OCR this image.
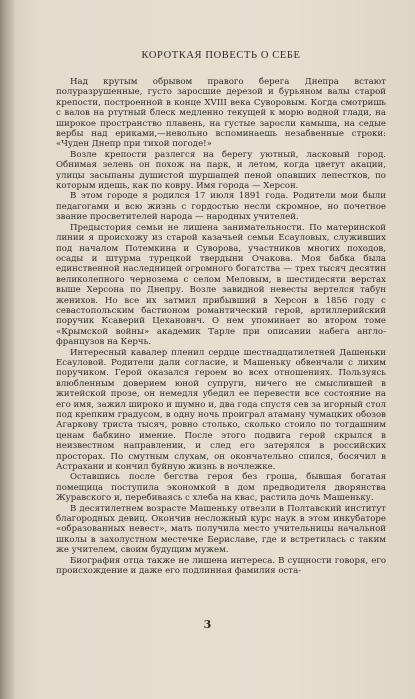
КОРОТКАЯ ПОВЕСТЬ О СЕБЕ

Над крутым обрывом правого берега Днепра встают полуразрушенные, густо заросшие дерезой и бурьяном валы старой крепости, построенной в конце XVIII века Суворовым. Когда смотришь с валов на ртутный блеск медленно текущей к морю водной глади, на широкое пространство плавень, на густые заросли камыша, на седые вербы над ериками,—невольно вспоминаешь незабвенные строки: «Чуден Днепр при тихой погоде!»

Возле крепости разлегся на берегу уютный, ласковый город. Обнимая зелень он похож на парк, и летом, когда цветут акации, улицы засыпаны душистой шуршащей пеной опавших лепестков, по которым идешь, как по ковру. Имя города — Херсон.

В этом городе я родился 17 июля 1891 года. Родители мои были педагогами и всю жизнь с гордостью несли скромное, но почетное звание просветителей народа — народных учителей.

Предыстория семьи не лишена занимательности. По материнской линии я происхожу из старой казачьей семьи Есауловых, служивших под началом Потемкина и Суворова, участников многих походов, осады и штурма турецкой твердыни Очакова. Моя бабка была единственной наследницей огромного богатства — трех тысяч десятин великолепного чернозема с селом Меловым, в шестидесяти верстах выше Херсона по Днепру. Возле завидной невесты вертелся табун женихов. Но все их затмил прибывший в Херсон в 1856 году с севастопольским бастионом романтический герой, артиллерийский поручик Ксаверий Цехановнч. О нем упоминает во втором томе «Крымской войны» академик Тарле при описании набега англо-французов на Керчь.

Интересный кавалер пленил сердце шестнадцатилетней Дашеньки Есауловой. Родители дали согласие, и Машеньку обвенчали с лихим поручиком. Герой оказался героем во всех отношениях. Пользуясь влюбленным доверием юной супруги, ничего не смыслившей в житейской прозе, он немедля убедил ее перевести все состояние на его имя, зажил широко и шумно и, два года спустя сев за игорный стол под крепким градусом, в одну ночь проиграл атаману чумацких обозов Агаркову триста тысяч, ровно столько, сколько стоило по тогдашним ценам бабкино имение. После этого подвига герой скрылся в неизвестном направлении, и след его затерялся в российских просторах. По смутным слухам, он окончательно спился, босячил в Астрахани и кончил буйную жизнь в ночлежке.

Оставшись после бегства героя без гроша, бывшая богатая помещица поступила экономкой в дом предводителя дворянства Журавского и, перебиваясь с хлеба на квас, растила дочь Машеньку.

В десятилетнем возрасте Машеньку отвезли в Полтавский институт благородных девиц. Окончив несложный курс наук в этом инкубаторе «образованных невест», мать получила место учительницы начальной школы в захолустном местечке Бериславе, где и встретилась с таким же учителем, своим будущим мужем.

Биография отца также не лишена интереса. В сущности говоря, его происхождение и даже его подлинная фамилия оста-

3
